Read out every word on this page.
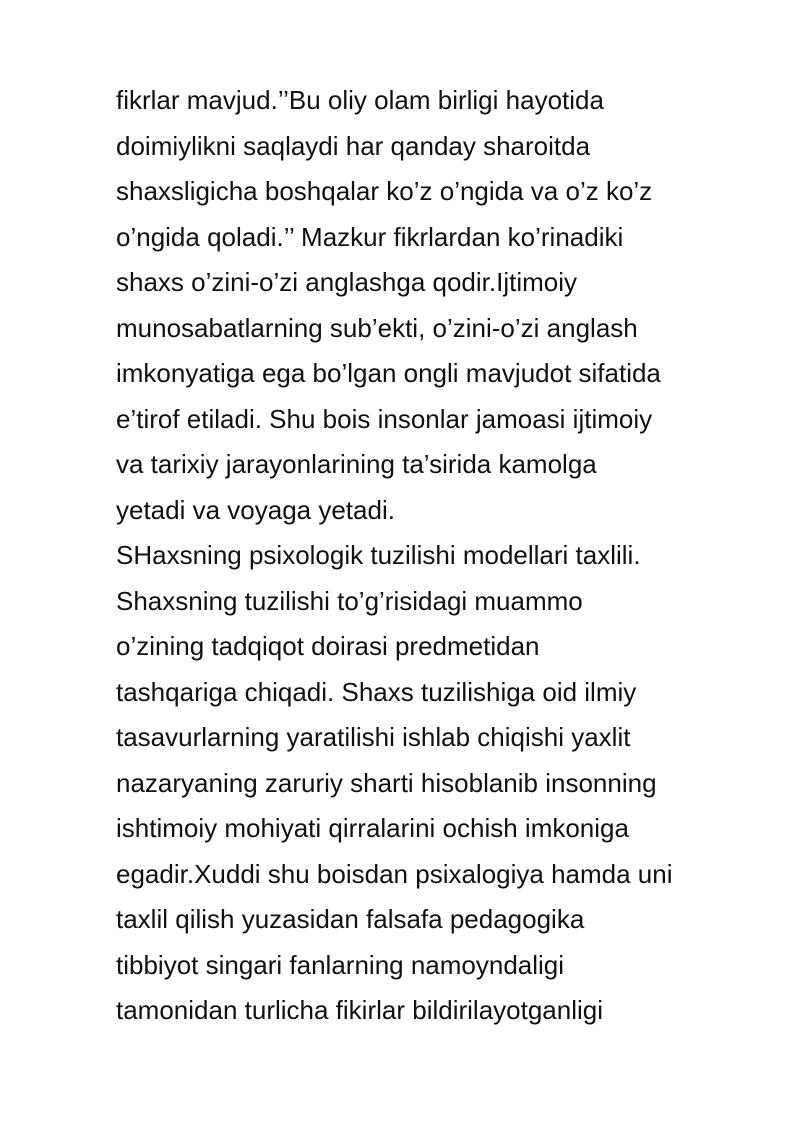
fikrlar mavjud.’’Bu oliy olam birligi hayotida
doimiylikni saqlaydi har qanday sharoitda
shaxsligicha boshqalar ko’z o’ngida va o’z ko’z
o’ngida qoladi.’’ Mazkur fikrlardan ko’rinadiki
shaxs o’zini-o’zi anglashga qodir.Ijtimoiy
munosabatlarning sub’ekti, o’zini-o’zi anglash
imkonyatiga ega bo’lgan ongli mavjudot sifatida
e’tirof etiladi. Shu bois insonlar jamoasi ijtimoiy
va tarixiy jarayonlarining ta’sirida kamolga
yetadi va voyaga yetadi.
SHaxsning psixologik tuzilishi modellari taxlili.
Shaxsning tuzilishi to’g’risidagi muammo
o’zining tadqiqot doirasi predmetidan
tashqariga chiqadi. Shaxs tuzilishiga oid ilmiy
tasavurlarning yaratilishi ishlab chiqishi yaxlit
nazaryaning zaruriy sharti hisoblanib insonning
ishtimoiy mohiyati qirralarini ochish imkoniga
egadir.Xuddi shu boisdan psixalogiya hamda uni
taxlil qilish yuzasidan falsafa pedagogika
tibbiyot singari fanlarning namoyndaligi
tamonidan turlicha fikirlar bildirilayotganligi
